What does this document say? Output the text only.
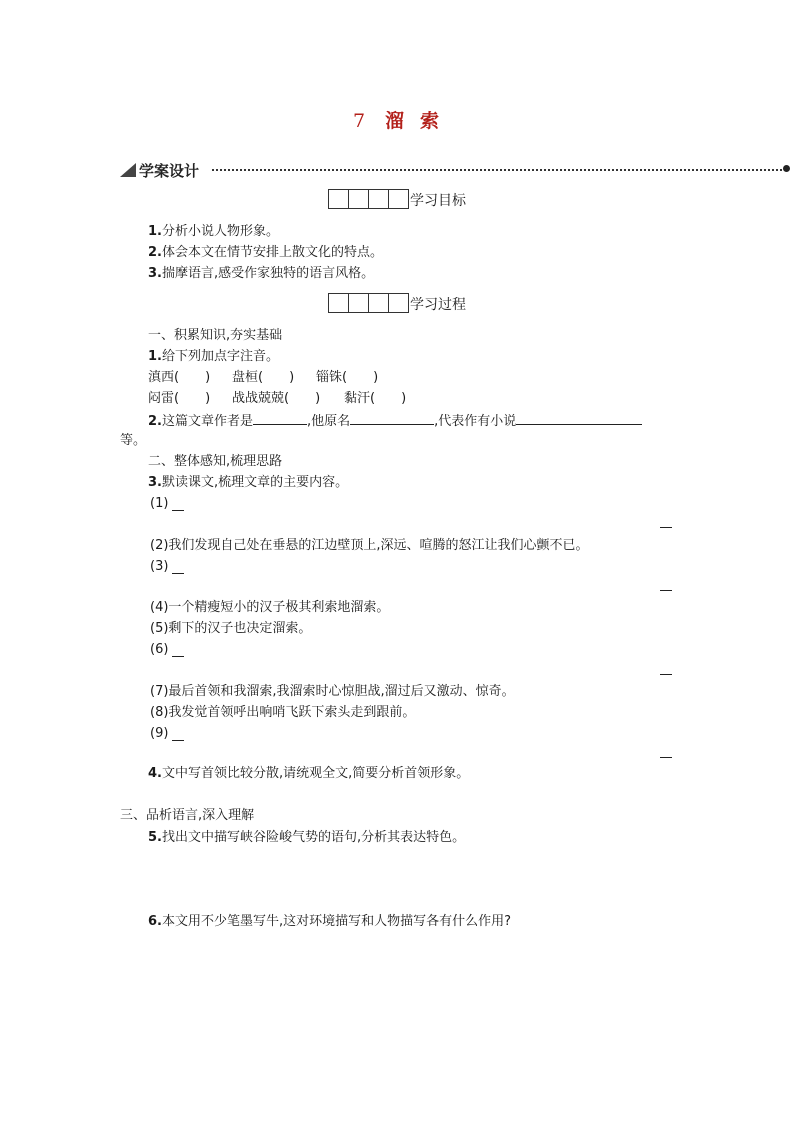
7 溜 索
学案设计
学习目标
1.分析小说人物形象。
2.体会本文在情节安排上散文化的特点。
3.揣摩语言,感受作家独特的语言风格。
学习过程
一、积累知识,夯实基础
1.给下列加点字注音。
滇西(　　) 盘桓(　　) 锱铢(　　)
闷雷(　　) 战战兢兢(　　) 黏汗(　　)
2.这篇文章作者是	,他原名	,代表作有小说
等。
二、整体感知,梳理思路
3.默读课文,梳理文章的主要内容。
(1)
(2)我们发现自己处在垂悬的江边壁顶上,深远、喧腾的怒江让我们心颤不已。
(3)
(4)一个精瘦短小的汉子极其利索地溜索。
(5)剩下的汉子也决定溜索。
(6)
(7)最后首领和我溜索,我溜索时心惊胆战,溜过后又激动、惊奇。
(8)我发觉首领呼出响哨飞跃下索头走到跟前。
(9)
4.文中写首领比较分散,请统观全文,简要分析首领形象。
三、品析语言,深入理解
5.找出文中描写峡谷险峻气势的语句,分析其表达特色。
6.本文用不少笔墨写牛,这对环境描写和人物描写各有什么作用?
